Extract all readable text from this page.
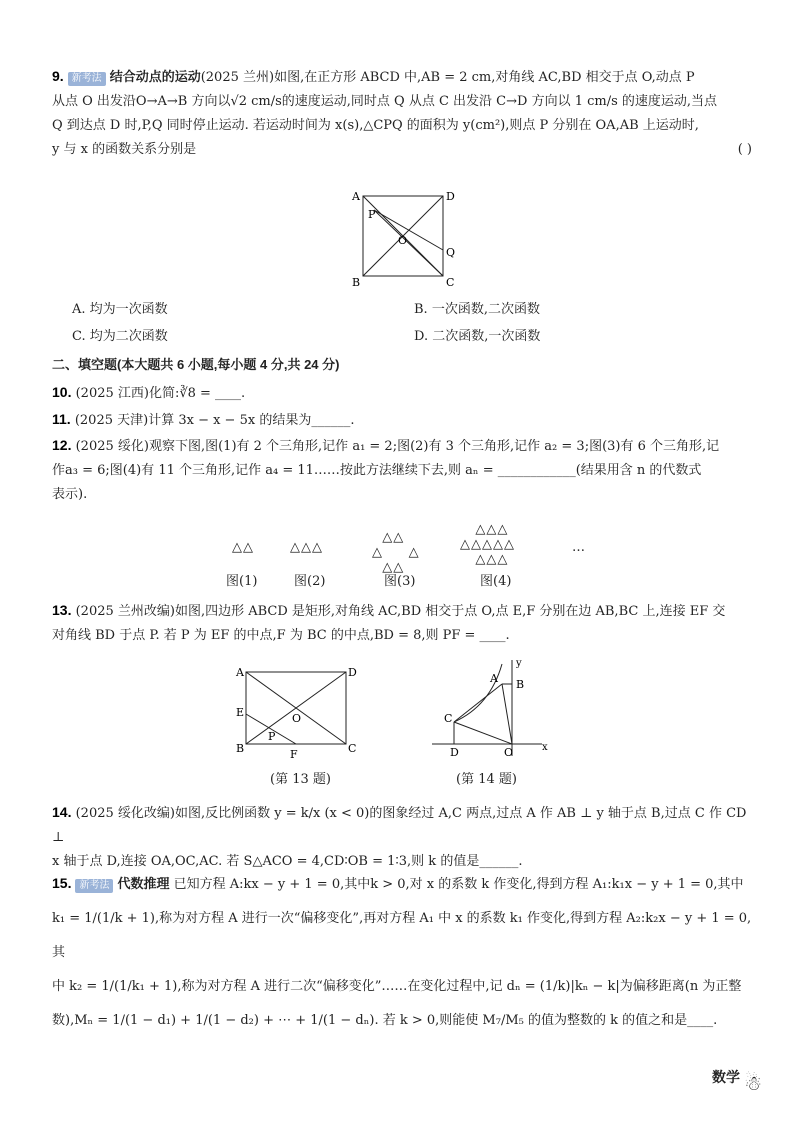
9. 新考法 结合动点的运动(2025 兰州)如图,在正方形 ABCD 中,AB = 2 cm,对角线 AC,BD 相交于点 O,动点 P
从点 O 出发沿O→A→B 方向以√2 cm/s的速度运动,同时点 Q 从点 C 出发沿 C→D 方向以 1 cm/s 的速度运动,当点
Q 到达点 D 时,P,Q 同时停止运动. 若运动时间为 x(s),△CPQ 的面积为 y(cm²),则点 P 分别在 OA,AB 上运动时,
y 与 x 的函数关系分别是	( )
A	D
B	C
O
P
Q
A. 均为一次函数	B. 一次函数,二次函数
C. 均为二次函数	D. 二次函数,一次函数
二、填空题(本大题共 6 小题,每小题 4 分,共 24 分)
10. (2025 江西)化简:∛8 = ____.
11. (2025 天津)计算 3x − x − 5x 的结果为______.
12. (2025 绥化)观察下图,图(1)有 2 个三角形,记作 a₁ = 2;图(2)有 3 个三角形,记作 a₂ = 3;图(3)有 6 个三角形,记
作a₃ = 6;图(4)有 11 个三角形,记作 a₄ = 11……按此方法继续下去,则 aₙ = ____________(结果用含 n 的代数式
表示).
△△	△△△
△△
△     △
△△
△△△
△△△△△
△△△
…
图(1)	图(2)	图(3)	图(4)
13. (2025 兰州改编)如图,四边形 ABCD 是矩形,对角线 AC,BD 相交于点 O,点 E,F 分别在边 AB,BC 上,连接 EF 交
对角线 BD 于点 P. 若 P 为 EF 的中点,F 为 BC 的中点,BD = 8,则 PF = ____.
A	D
B	C
E	O
P
F
(第 13 题)
A B
C
D	O	x
y
(第 14 题)
14. (2025 绥化改编)如图,反比例函数 y = k/x (x < 0)的图象经过 A,C 两点,过点 A 作 AB ⊥ y 轴于点 B,过点 C 作 CD ⊥
x 轴于点 D,连接 OA,OC,AC. 若 S△ACO = 4,CD∶OB = 1∶3,则 k 的值是______.
15. 新考法 代数推理 已知方程 A:kx − y + 1 = 0,其中k > 0,对 x 的系数 k 作变化,得到方程 A₁:k₁x − y + 1 = 0,其中
k₁ = 1/(1/k + 1),称为对方程 A 进行一次“偏移变化”,再对方程 A₁ 中 x 的系数 k₁ 作变化,得到方程 A₂:k₂x − y + 1 = 0,其
中 k₂ = 1/(1/k₁ + 1),称为对方程 A 进行二次“偏移变化”……在变化过程中,记 dₙ = (1/k)|kₙ − k|为偏移距离(n 为正整
数),Mₙ = 1/(1 − d₁) + 1/(1 − d₂) + ⋯ + 1/(1 − dₙ). 若 k > 0,则能使 M₇/M₅ 的值为整数的 k 的值之和是____.
数学 ☃
